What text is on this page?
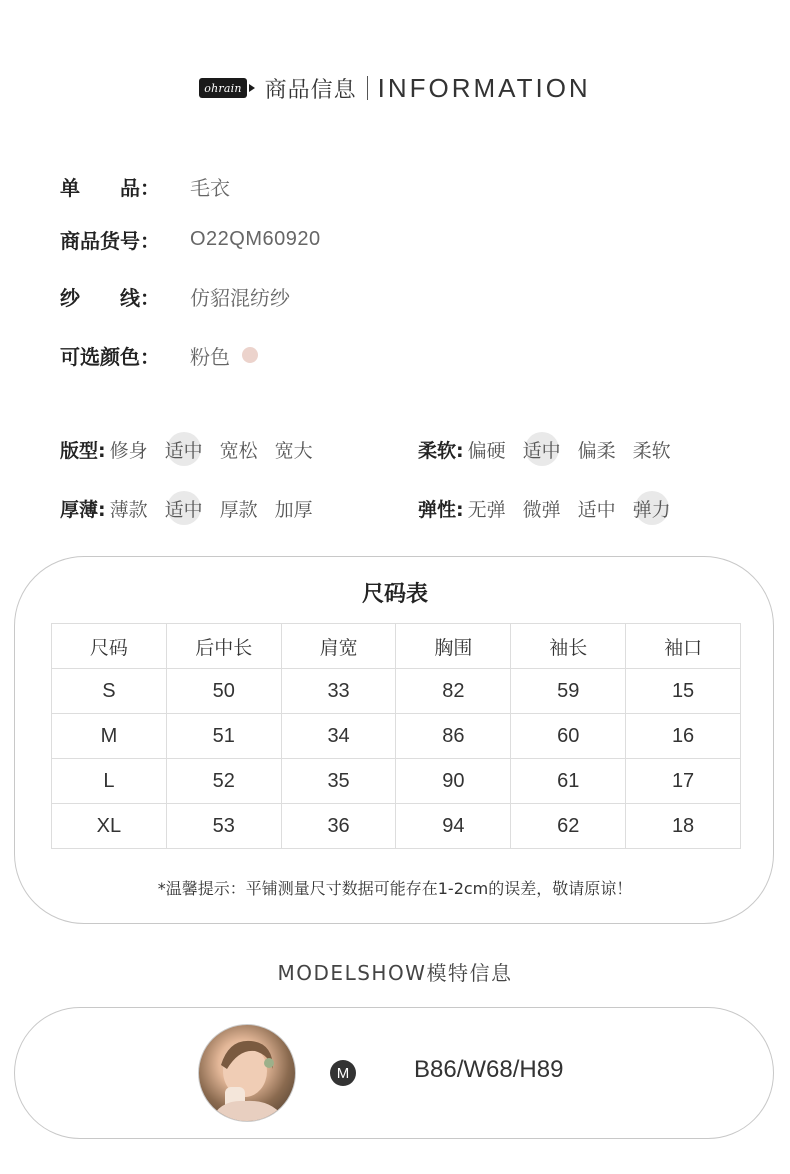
ohrain 商品信息 INFORMATION
单　　品：	毛衣
商品货号：	O22QM60920
纱　　线：	仿貂混纺纱
可选颜色：	粉色
版型: 修身 适中 宽松 宽大	柔软: 偏硬 适中 偏柔 柔软
厚薄: 薄款 适中 厚款 加厚	弹性: 无弹 微弹 适中 弹力
尺码表
尺码	后中长	肩宽	胸围	袖长	袖口
S	50	33	82	59	15
M	51	34	86	60	16
L	52	35	90	61	17
XL	53	36	94	62	18
*温馨提示：平铺测量尺寸数据可能存在1-2cm的误差，敬请原谅！
MODELSHOW模特信息
M	B86/W68/H89
